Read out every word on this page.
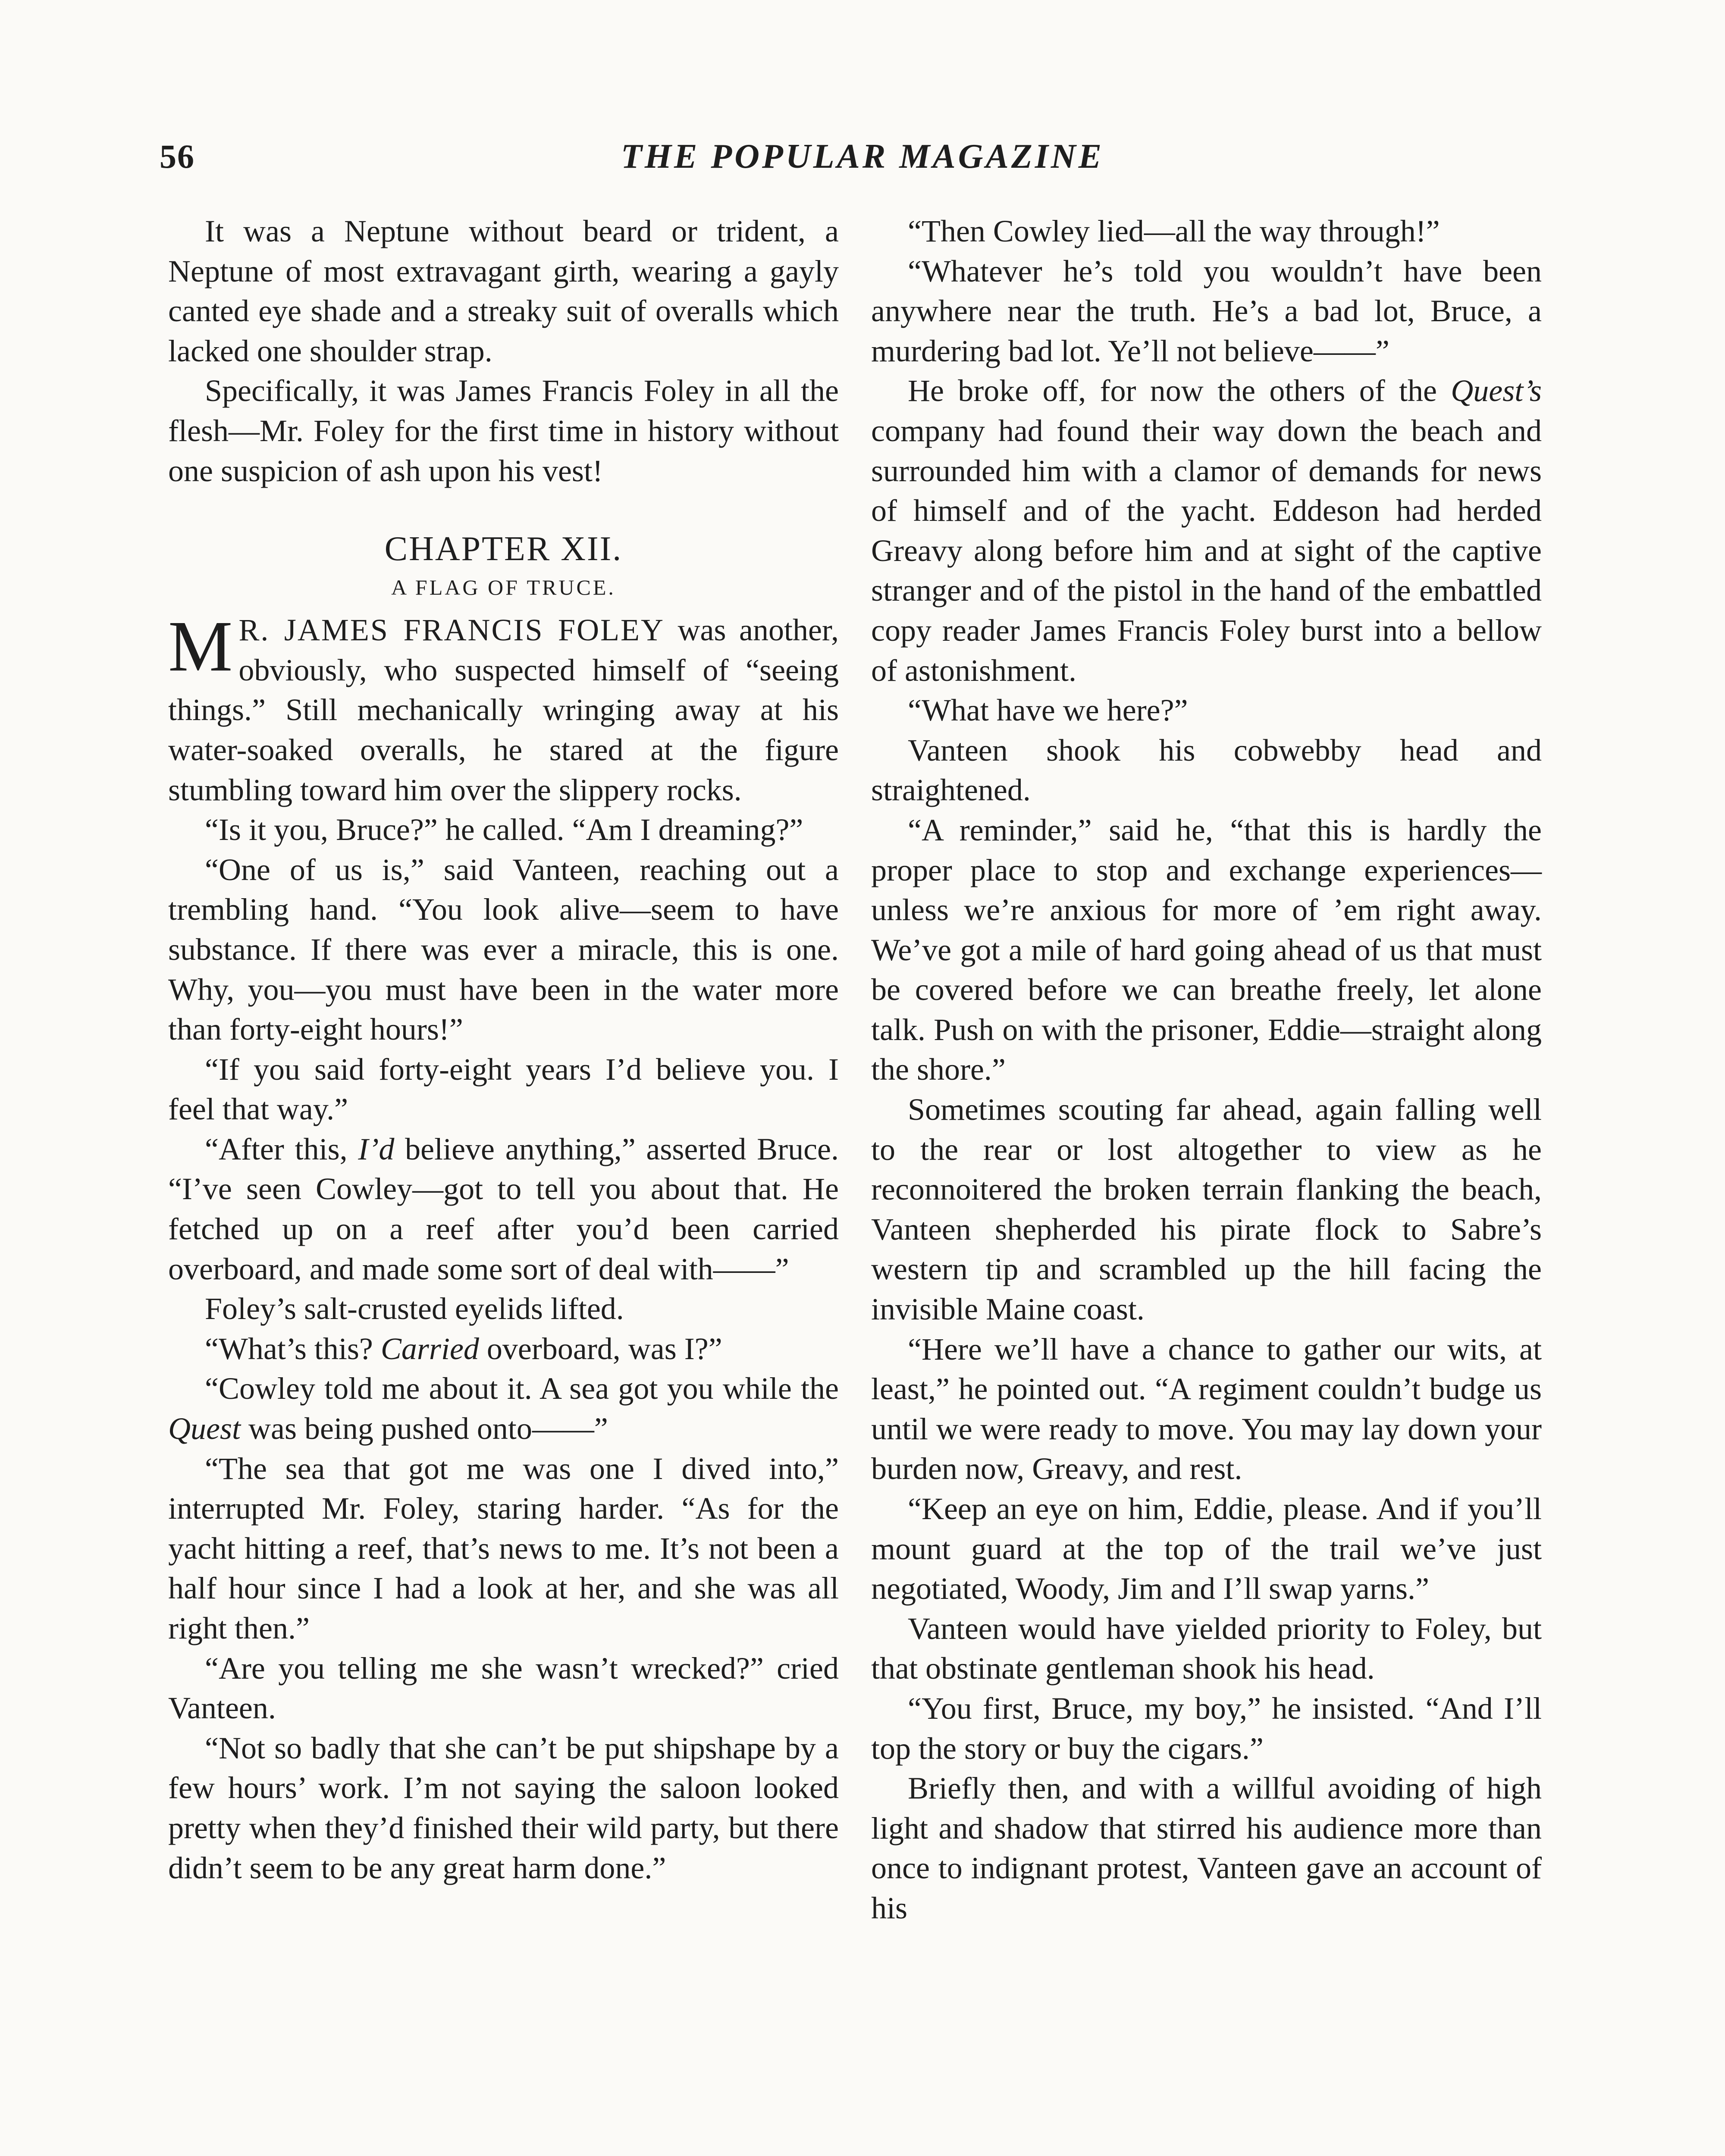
56	THE POPULAR MAGAZINE

It was a Neptune without beard or trident, a Neptune of most extravagant girth, wearing a gayly canted eye shade and a streaky suit of overalls which lacked one shoulder strap.

Specifically, it was James Francis Foley in all the flesh—Mr. Foley for the first time in history without one suspicion of ash upon his vest!

CHAPTER XII.
A FLAG OF TRUCE.

M R. JAMES FRANCIS FOLEY was another, obviously, who suspected himself of “seeing things.” Still mechanically wringing away at his water-soaked overalls, he stared at the figure stumbling toward him over the slippery rocks.

“Is it you, Bruce?” he called. “Am I dreaming?”

“One of us is,” said Vanteen, reaching out a trembling hand. “You look alive—seem to have substance. If there was ever a miracle, this is one. Why, you—you must have been in the water more than forty-eight hours!”

“If you said forty-eight years I’d believe you. I feel that way.”

“After this, I’d believe anything,” asserted Bruce. “I’ve seen Cowley—got to tell you about that. He fetched up on a reef after you’d been carried overboard, and made some sort of deal with——”

Foley’s salt-crusted eyelids lifted.

“What’s this? Carried overboard, was I?”

“Cowley told me about it. A sea got you while the Quest was being pushed onto——”

“The sea that got me was one I dived into,” interrupted Mr. Foley, staring harder. “As for the yacht hitting a reef, that’s news to me. It’s not been a half hour since I had a look at her, and she was all right then.”

“Are you telling me she wasn’t wrecked?” cried Vanteen.

“Not so badly that she can’t be put shipshape by a few hours’ work. I’m not saying the saloon looked pretty when they’d finished their wild party, but there didn’t seem to be any great harm done.”

“Then Cowley lied—all the way through!”

“Whatever he’s told you wouldn’t have been anywhere near the truth. He’s a bad lot, Bruce, a murdering bad lot. Ye’ll not believe——”

He broke off, for now the others of the Quest’s company had found their way down the beach and surrounded him with a clamor of demands for news of himself and of the yacht. Eddeson had herded Greavy along before him and at sight of the captive stranger and of the pistol in the hand of the embattled copy reader James Francis Foley burst into a bellow of astonishment.

“What have we here?”

Vanteen shook his cobwebby head and straightened.

“A reminder,” said he, “that this is hardly the proper place to stop and exchange experiences—unless we’re anxious for more of ’em right away. We’ve got a mile of hard going ahead of us that must be covered before we can breathe freely, let alone talk. Push on with the prisoner, Eddie—straight along the shore.”

Sometimes scouting far ahead, again falling well to the rear or lost altogether to view as he reconnoitered the broken terrain flanking the beach, Vanteen shepherded his pirate flock to Sabre’s western tip and scrambled up the hill facing the invisible Maine coast.

“Here we’ll have a chance to gather our wits, at least,” he pointed out. “A regiment couldn’t budge us until we were ready to move. You may lay down your burden now, Greavy, and rest.

“Keep an eye on him, Eddie, please. And if you’ll mount guard at the top of the trail we’ve just negotiated, Woody, Jim and I’ll swap yarns.”

Vanteen would have yielded priority to Foley, but that obstinate gentleman shook his head.

“You first, Bruce, my boy,” he insisted. “And I’ll top the story or buy the cigars.”

Briefly then, and with a willful avoiding of high light and shadow that stirred his audience more than once to indignant protest, Vanteen gave an account of his
